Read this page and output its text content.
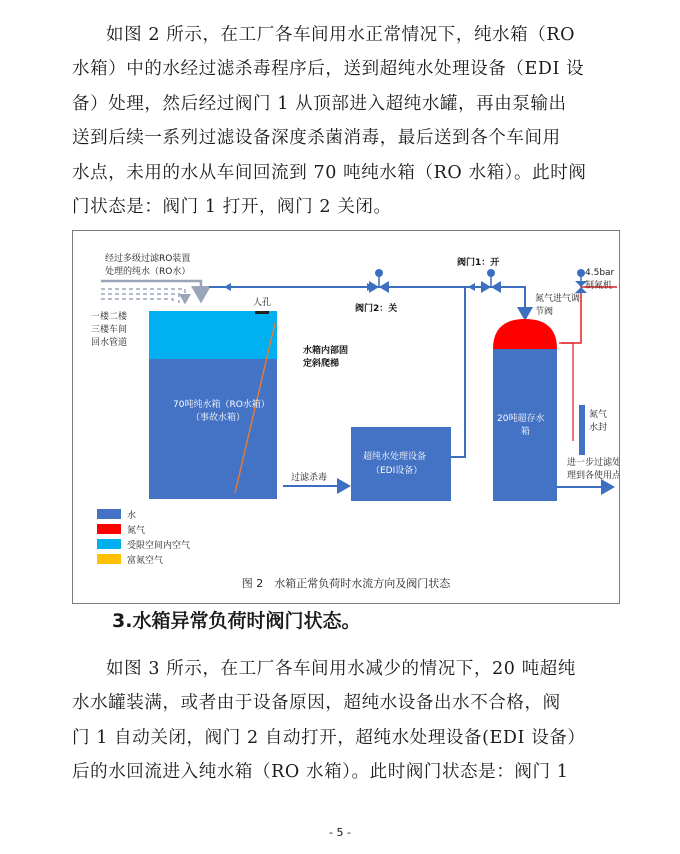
如图 2 所示，在工厂各车间用水正常情况下，纯水箱（RO
水箱）中的水经过滤杀毒程序后，送到超纯水处理设备（EDI 设
备）处理，然后经过阀门 1 从顶部进入超纯水罐，再由泵输出
送到后续一系列过滤设备深度杀菌消毒，最后送到各个车间用
水点，未用的水从车间回流到 70 吨纯水箱（RO 水箱）。此时阀
门状态是：阀门 1 打开，阀门 2 关闭。
经过多级过滤RO装置
处理的纯水（RO水）
一楼二楼
三楼车间
回水管道
人孔
70吨纯水箱（RO水箱）
（事故水箱）
水箱内部固
定斜爬梯
阀门2：关
阀门1：开
过滤杀毒
超纯水处理设备
（EDI设备）
20吨超存水
箱
4.5bar
制氮机
氮气进气调
节阀
氮气
水封
进一步过滤处
理到各使用点
水
氮气
受限空间内空气
富氮空气
图 2　水箱正常负荷时水流方向及阀门状态

3.水箱异常负荷时阀门状态。

如图 3 所示，在工厂各车间用水减少的情况下，20 吨超纯
水水罐装满，或者由于设备原因，超纯水设备出水不合格，阀
门 1 自动关闭，阀门 2 自动打开，超纯水处理设备(EDI 设备）
后的水回流进入纯水箱（RO 水箱）。此时阀门状态是：阀门 1
- 5 -
